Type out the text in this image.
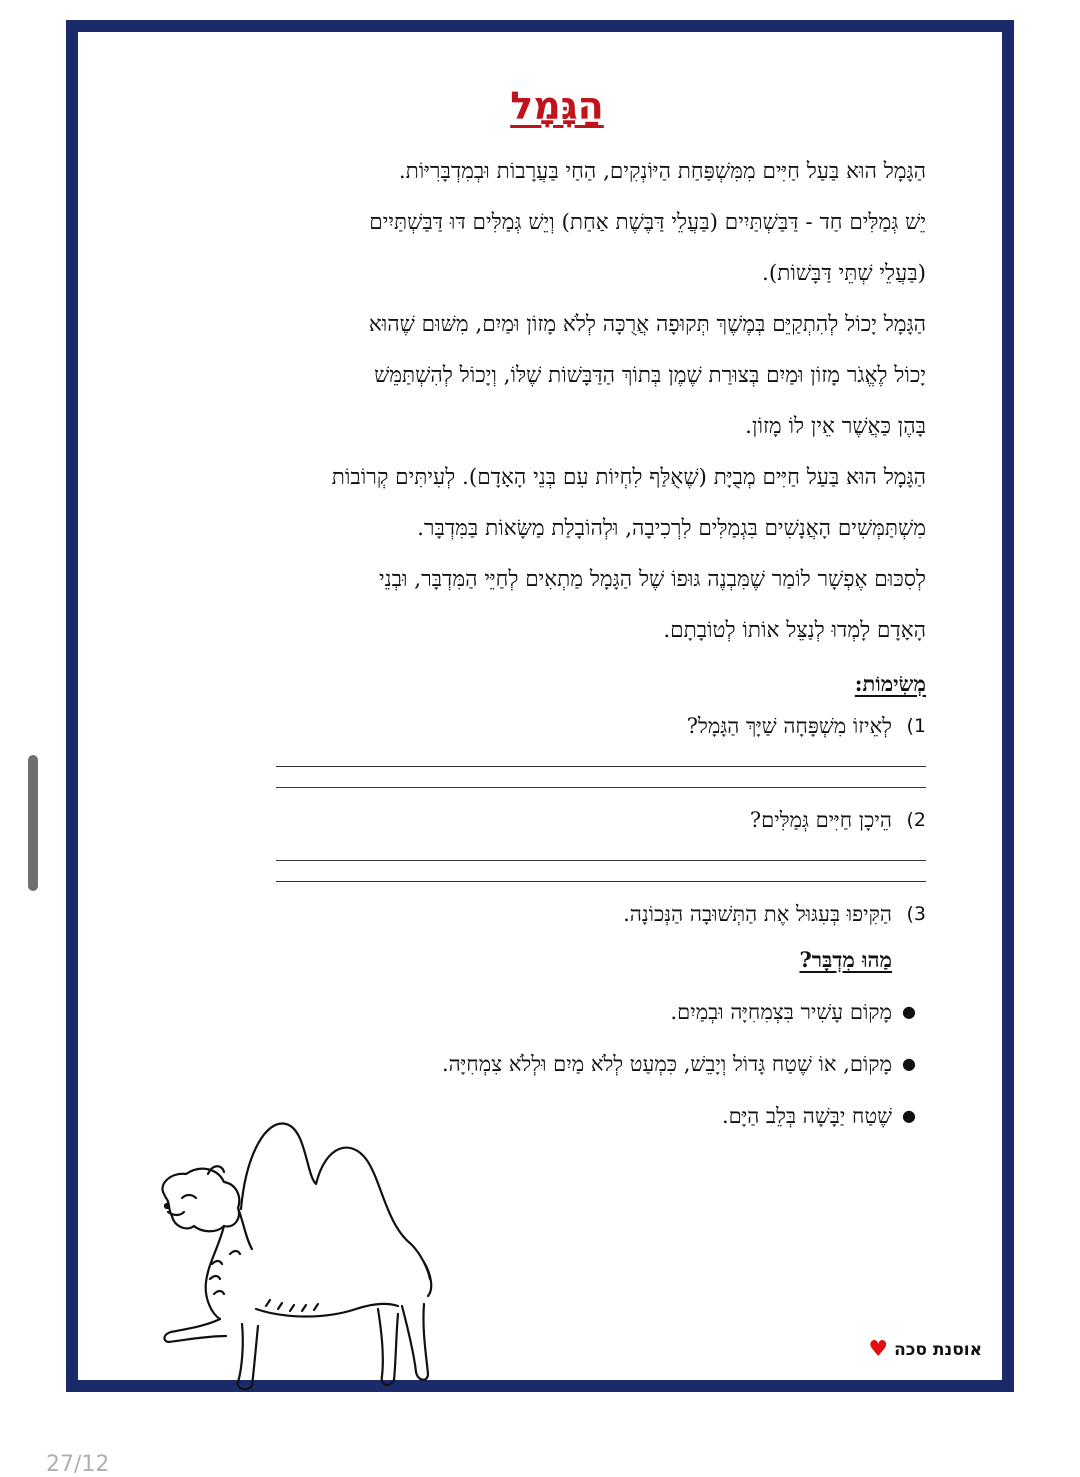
הַגָּמָל

הַגָּמָל הוּא בַּעַל חַיִּים מִמִּשְׁפַּחַת הַיּוֹנְקִים, הַחַי בַּעֲרָבוֹת וּבְמִדְבָּרִיּוֹת.

יֵשׁ גְּמַלִּים חַד - דַּבַּשְׁתַּיִים (בַּעֲלֵי דַּבֶּשֶׁת אַחַת) וְיֵשׁ גְּמַלִּים דּוּ דַּבַּשְׁתַּיִים

(בַּעֲלֵי שְׁתֵּי דַּבָּשׁוֹת).

הַגָּמָל יָכוֹל לְהִתְקַיֵּם בְּמֶשֶׁךְ תְּקוּפָה אֲרֻכָּה לְלֹא מָזוֹן וּמַיִם, מִשּׁוּם שֶׁהוּא

יָכוֹל לֶאֱגֹר מָזוֹן וּמַיִם בְּצוּרַת שֶׁמֶן בְּתוֹךְ הַדַּבָּשׁוֹת שֶׁלּוֹ, וְיָכוֹל לְהִשְׁתַּמֵּשׁ

בָּהֶן כַּאֲשֶׁר אֵין לוֹ מָזוֹן.

הַגָּמָל הוּא בַּעַל חַיִּים מְבֻיָּת (שֶׁאֻלַּף לִחְיוֹת עִם בְּנֵי הָאָדָם). לְעִיתִּים קְרוֹבוֹת

מִשְׁתַּמְּשִׁים הָאֲנָשִׁים בִּגְמַלִּים לִרְכִיבָה, וּלְהוֹבָלַת מַשָּׂאוֹת בַּמִּדְבָּר.

לְסִכּוּם אֶפְשָׁר לוֹמַר שֶׁמִּבְנֶה גּוּפוֹ שֶׁל הַגָּמָל מַתְאִים לְחַיֵּי הַמִּדְבָּר, וּבְנֵי

הָאָדָם לָמְדוּ לְנַצֵּל אוֹתוֹ לְטוֹבָתָם.

מְשִׂימוֹת:
1)
לְאֵיזוֹ מִשְׁפָּחָה שַׁיָּךְ הַגָּמָל?
2)
הֵיכָן חַיִּים גְּמַלִּים?
3)
הַקִּיפוּ בְּעִגּוּל אֶת הַתְּשׁוּבָה הַנְּכוֹנָה.
מַהוּ מִדְבָּר?
●
מָקוֹם עָשִׁיר בִּצְמִחִיָּה וּבְמַיִם.
●
מָקוֹם, אוֹ שֶׁטַח גָּדוֹל וְיָבֵשׁ, כִּמְעַט לְלֹא מַיִם וּלְלֹא צִמְחִיָּה.
●
שֶׁטַח יַבָּשָׁה בְּלֵב הַיָּם.
אוסנת סכה
♥
27/12
